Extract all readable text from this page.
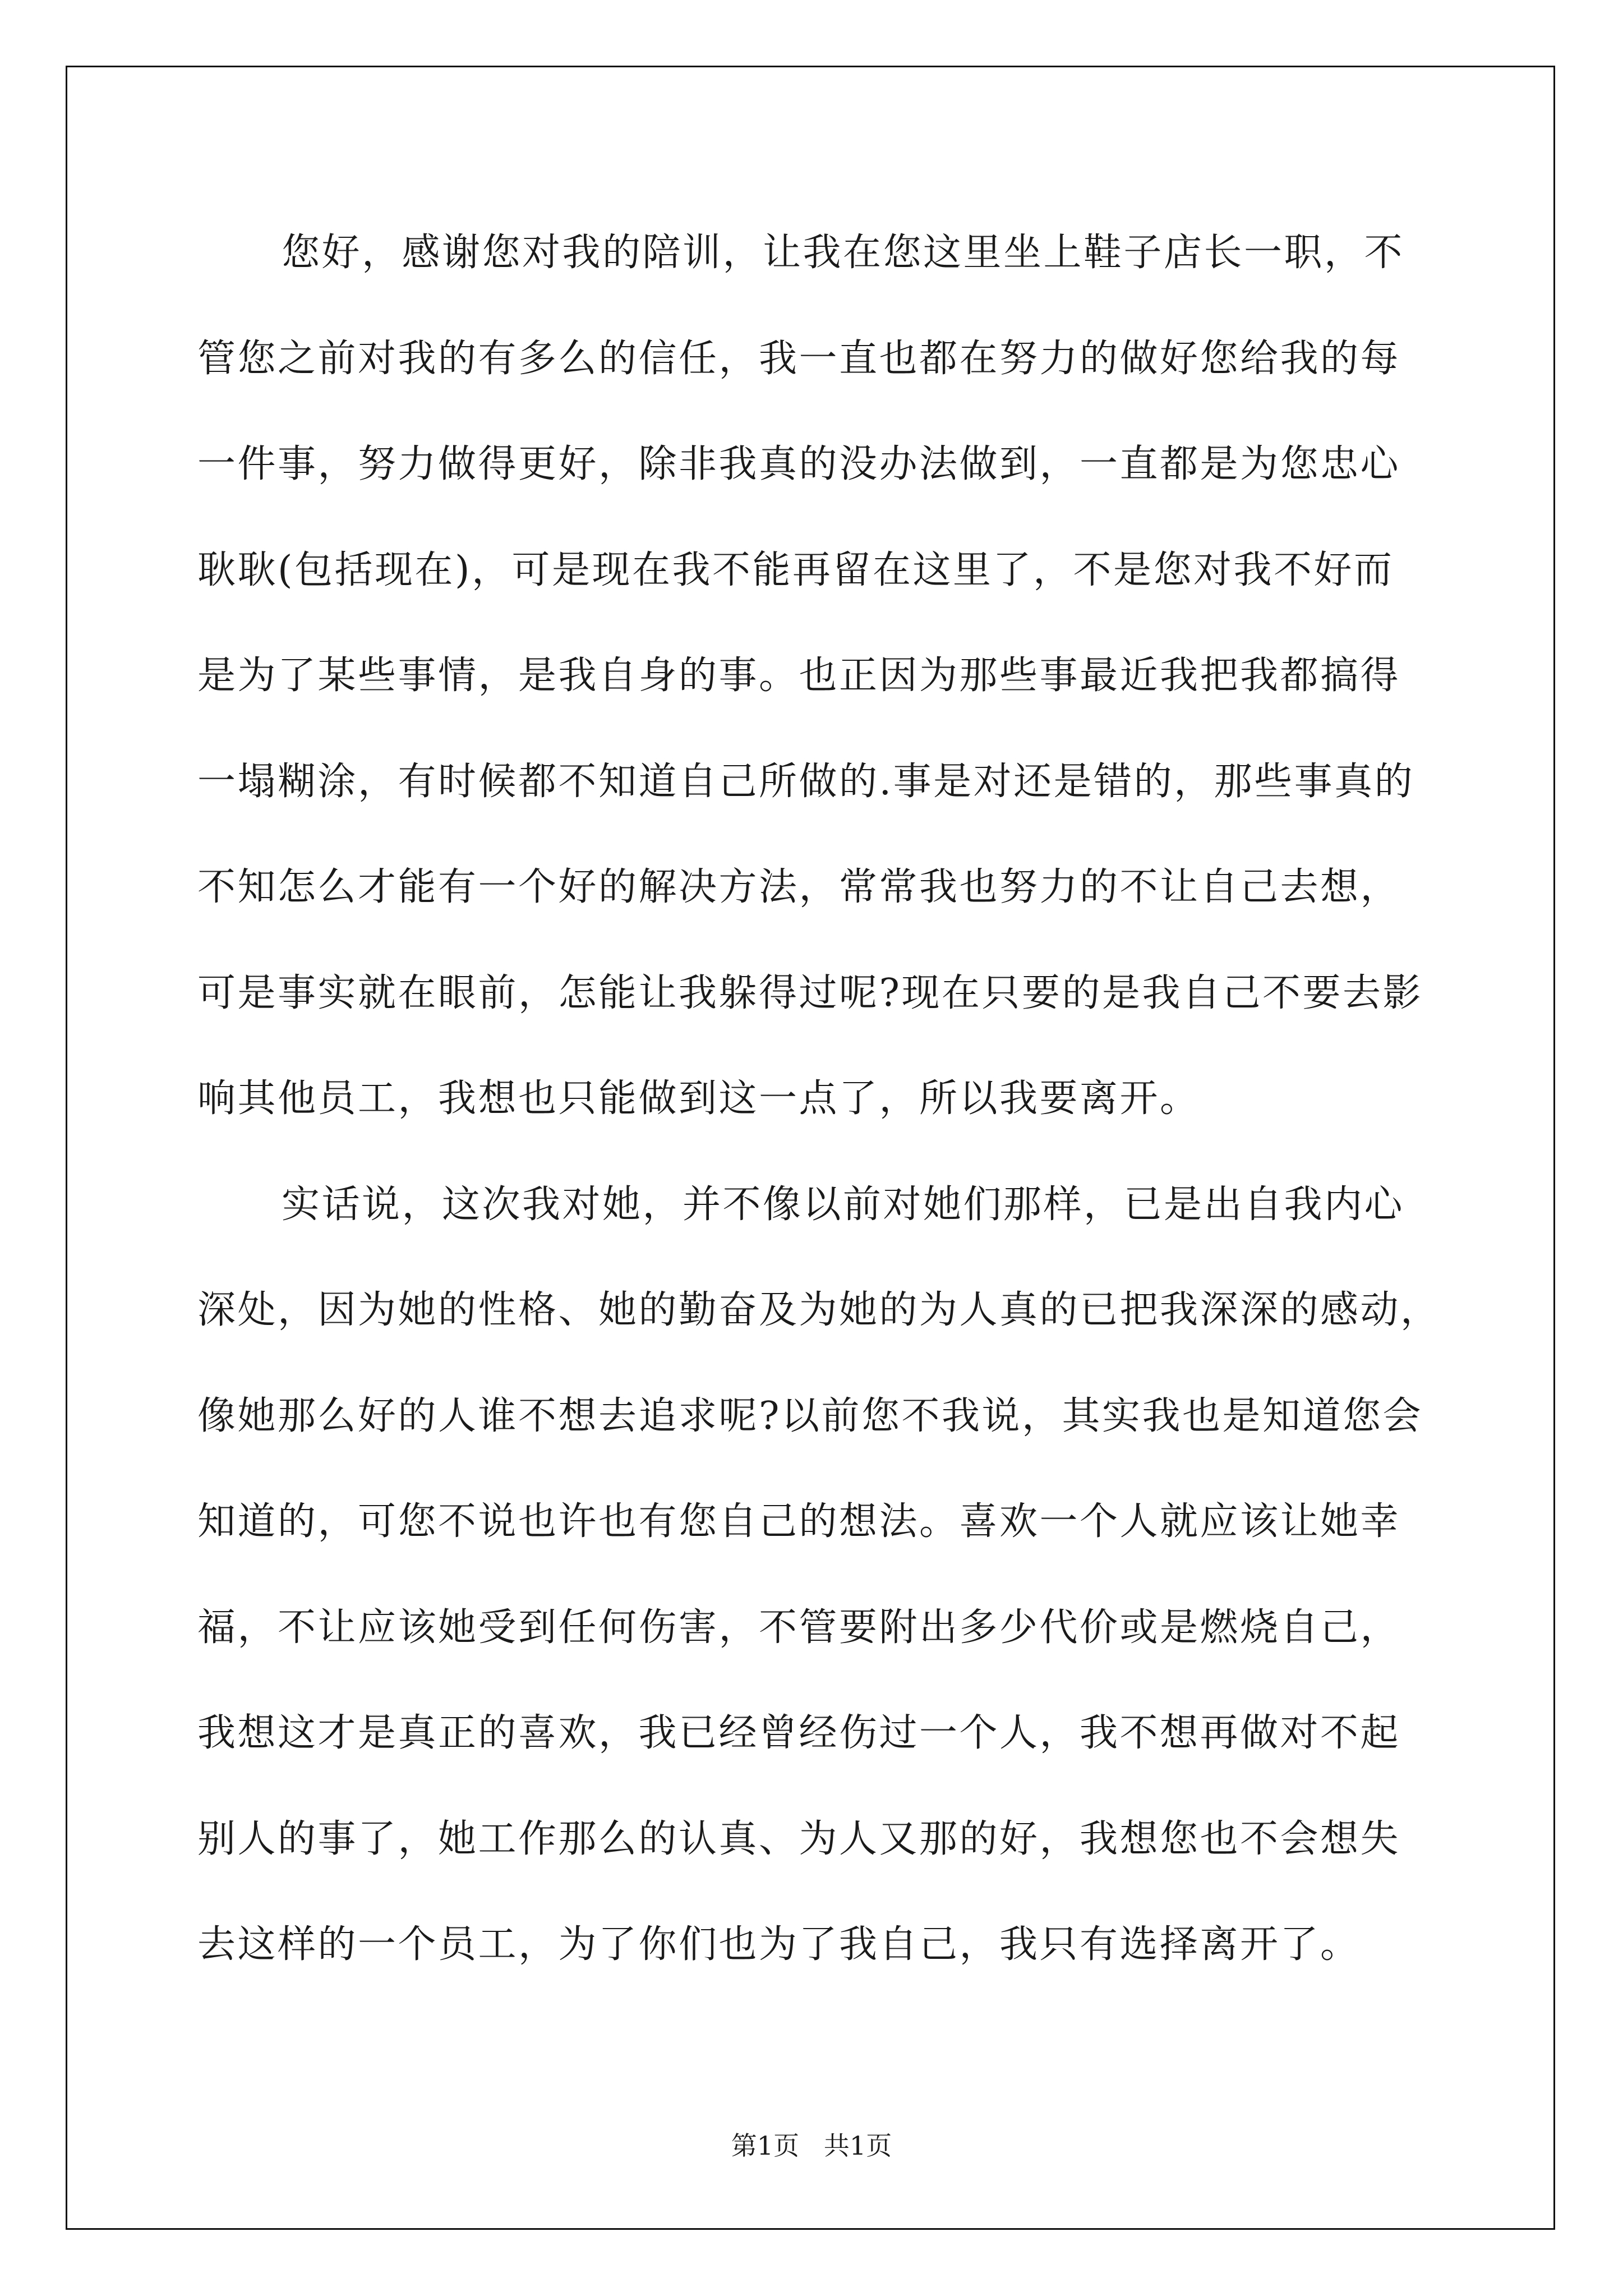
您好，感谢您对我的陪训，让我在您这里坐上鞋子店长一职，不
管您之前对我的有多么的信任，我一直也都在努力的做好您给我的每
一件事，努力做得更好，除非我真的没办法做到，一直都是为您忠心
耿耿(包括现在)，可是现在我不能再留在这里了，不是您对我不好而
是为了某些事情，是我自身的事。也正因为那些事最近我把我都搞得
一塌糊涂，有时候都不知道自己所做的.事是对还是错的，那些事真的
不知怎么才能有一个好的解决方法，常常我也努力的不让自己去想，
可是事实就在眼前，怎能让我躲得过呢?现在只要的是我自己不要去影
响其他员工，我想也只能做到这一点了，所以我要离开。
实话说，这次我对她，并不像以前对她们那样，已是出自我内心
深处，因为她的性格、她的勤奋及为她的为人真的已把我深深的感动，
像她那么好的人谁不想去追求呢?以前您不我说，其实我也是知道您会
知道的，可您不说也许也有您自己的想法。喜欢一个人就应该让她幸
福，不让应该她受到任何伤害，不管要附出多少代价或是燃烧自己，
我想这才是真正的喜欢，我已经曾经伤过一个人，我不想再做对不起
别人的事了，她工作那么的认真、为人又那的好，我想您也不会想失
去这样的一个员工，为了你们也为了我自己，我只有选择离开了。
第1页   共1页
